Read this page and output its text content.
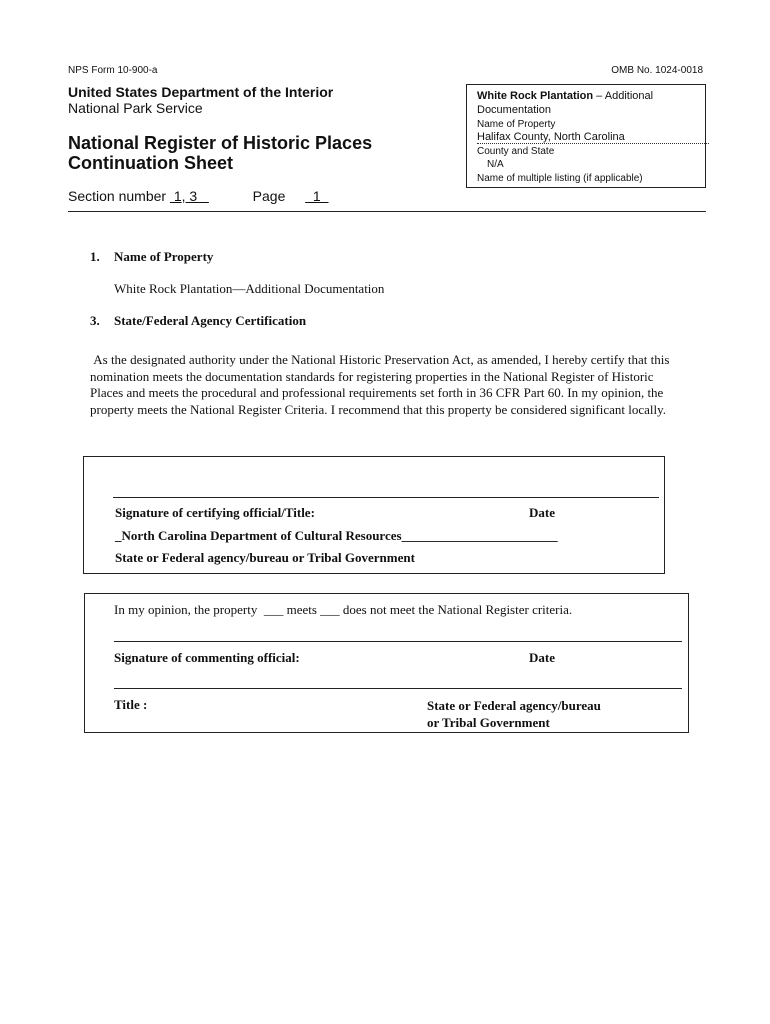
NPS Form 10-900-a	OMB No. 1024-0018
United States Department of the Interior
National Park Service
National Register of Historic Places
Continuation Sheet
Section number  1, 3	Page    1
White Rock Plantation – Additional
Documentation
Name of Property
Halifax County, North Carolina
County and State
N/A
Name of multiple listing (if applicable)
1. Name of Property
White Rock Plantation—Additional Documentation
3. State/Federal Agency Certification
As the designated authority under the National Historic Preservation Act, as amended, I hereby certify that this nomination meets the documentation standards for registering properties in the National Register of Historic Places and meets the procedural and professional requirements set forth in 36 CFR Part 60. In my opinion, the property meets the National Register Criteria. I recommend that this property be considered significant locally.
Signature of certifying official/Title:	Date
_North Carolina Department of Cultural Resources________________________
State or Federal agency/bureau or Tribal Government
In my opinion, the property  ___ meets ___ does not meet the National Register criteria.
Signature of commenting official:	Date
Title :	State or Federal agency/bureau
or Tribal Government
